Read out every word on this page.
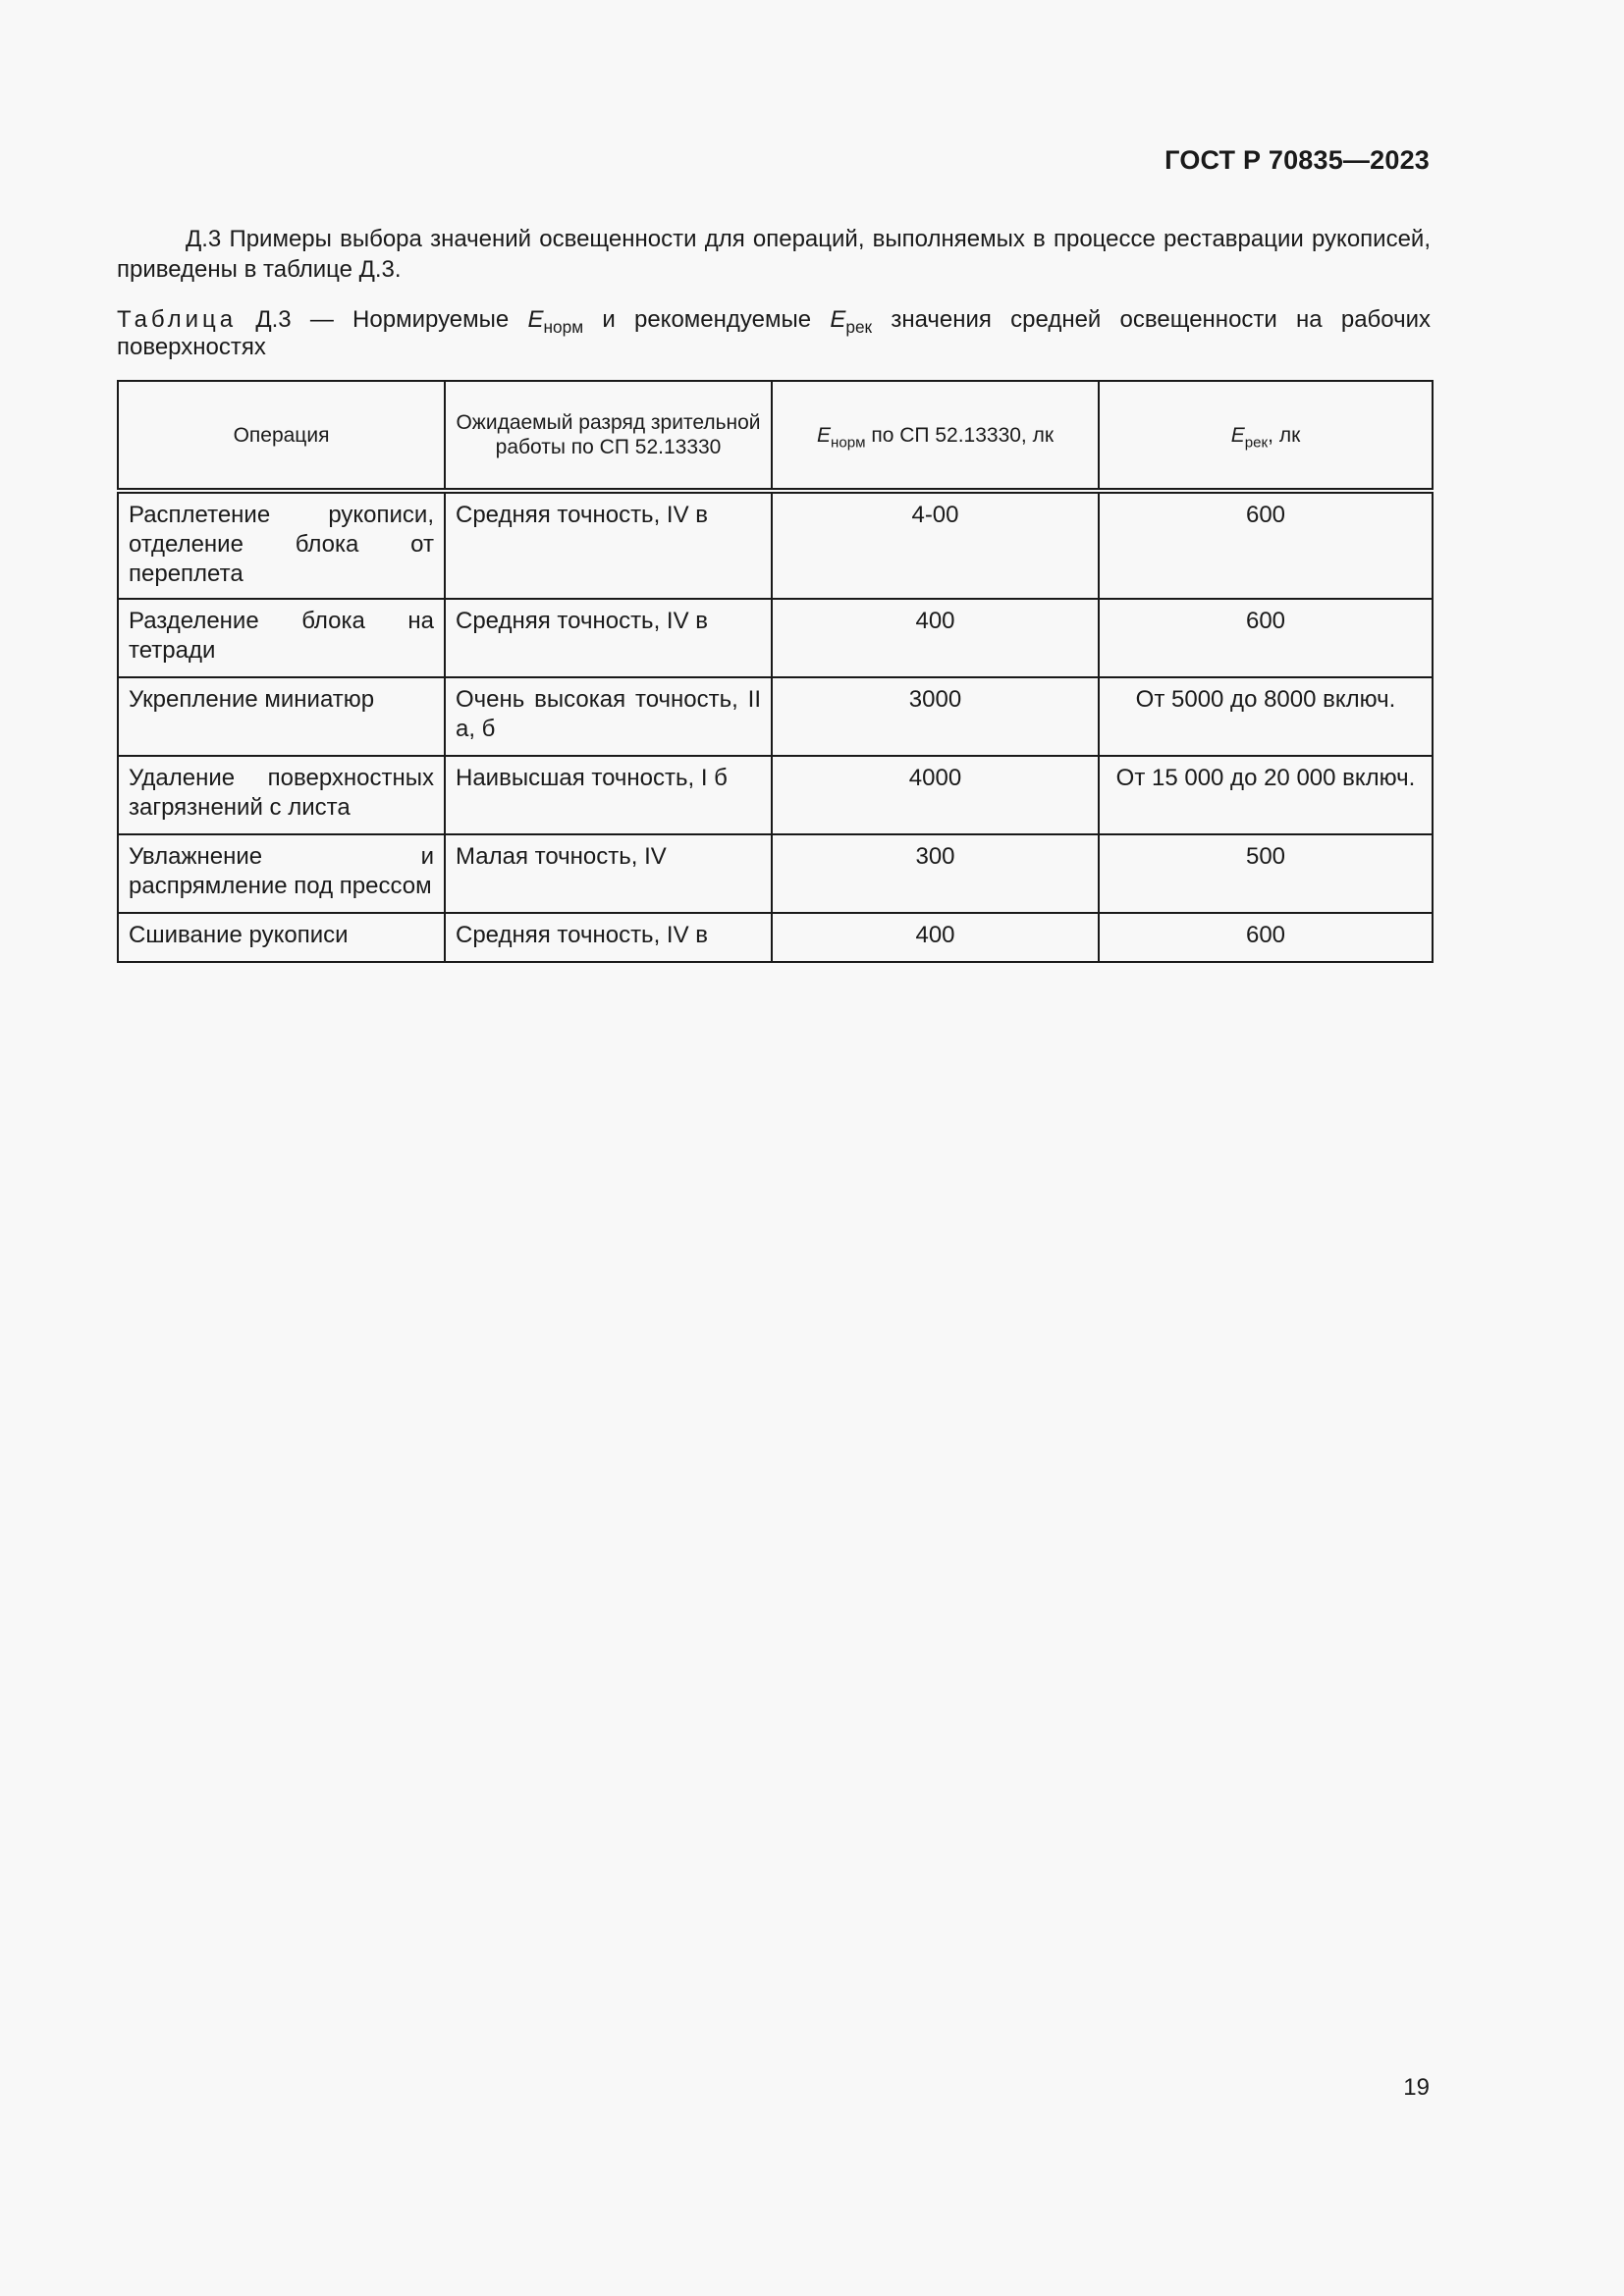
ГОСТ Р 70835—2023

Д.3 Примеры выбора значений освещенности для операций, выполняемых в процессе реставрации рукописей, приведены в таблице Д.3.

Таблица Д.3 — Нормируемые $E_{норм}$ и рекомендуемые $E_{рек}$ значения средней освещенности на рабочих поверхностях

Операция	Ожидаемый разряд зрительной работы по СП 52.13330	$E_{норм}$ по СП 52.13330, лк	$E_{рек}$, лк
Расплетение рукописи, отделение блока от переплета	Средняя точность, IV в	4-00	600
Разделение блока на тетради	Средняя точность, IV в	400	600
Укрепление миниатюр	Очень высокая точность, II а, б	3000	От 5000 до 8000 включ.
Удаление поверхностных загрязнений с листа	Наивысшая точность, I б	4000	От 15 000 до 20 000 включ.
Увлажнение и распрямление под прессом	Малая точность, IV	300	500
Сшивание рукописи	Средняя точность, IV в	400	600
19
